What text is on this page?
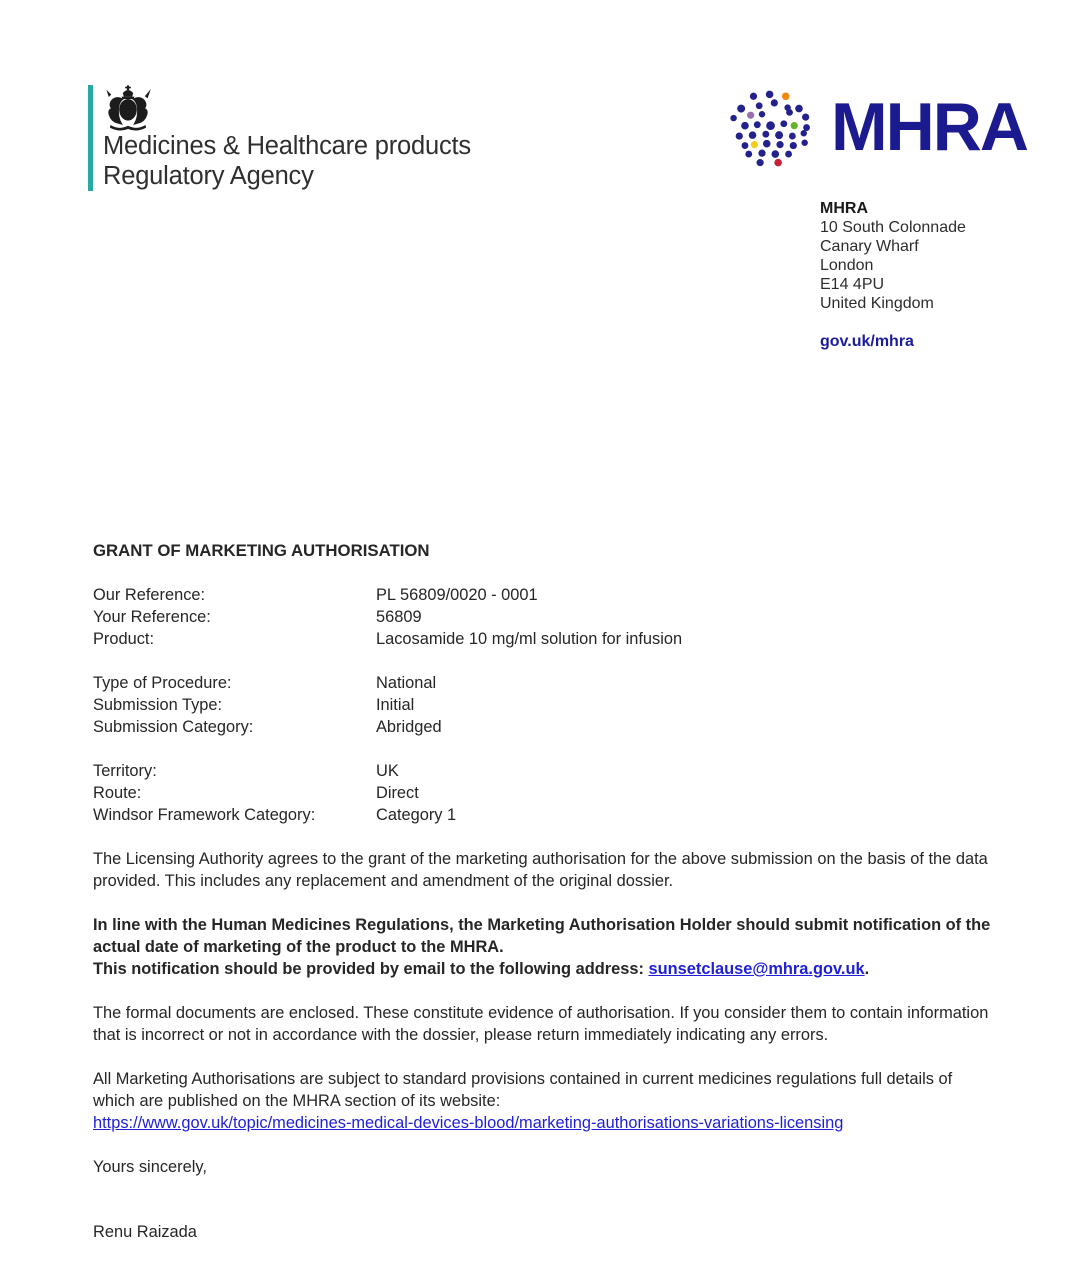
Medicines & Healthcare products
Regulatory Agency
MHRA
MHRA
10 South Colonnade
Canary Wharf
London
E14 4PU
United Kingdom
gov.uk/mhra
GRANT OF MARKETING AUTHORISATION
Our Reference:	PL 56809/0020 - 0001
Your Reference:	56809
Product:	Lacosamide 10 mg/ml solution for infusion
Type of Procedure:	National
Submission Type:	Initial
Submission Category:	Abridged
Territory:	UK
Route:	Direct
Windsor Framework Category:	Category 1
The Licensing Authority agrees to the grant of the marketing authorisation for the above submission on the basis of the data provided. This includes any replacement and amendment of the original dossier.
In line with the Human Medicines Regulations, the Marketing Authorisation Holder should submit notification of the actual date of marketing of the product to the MHRA.
This notification should be provided by email to the following address: sunsetclause@mhra.gov.uk.
The formal documents are enclosed. These constitute evidence of authorisation. If you consider them to contain information that is incorrect or not in accordance with the dossier, please return immediately indicating any errors.
All Marketing Authorisations are subject to standard provisions contained in current medicines regulations full details of which are published on the MHRA section of its website:
https://www.gov.uk/topic/medicines-medical-devices-blood/marketing-authorisations-variations-licensing
Yours sincerely,
Renu Raizada
